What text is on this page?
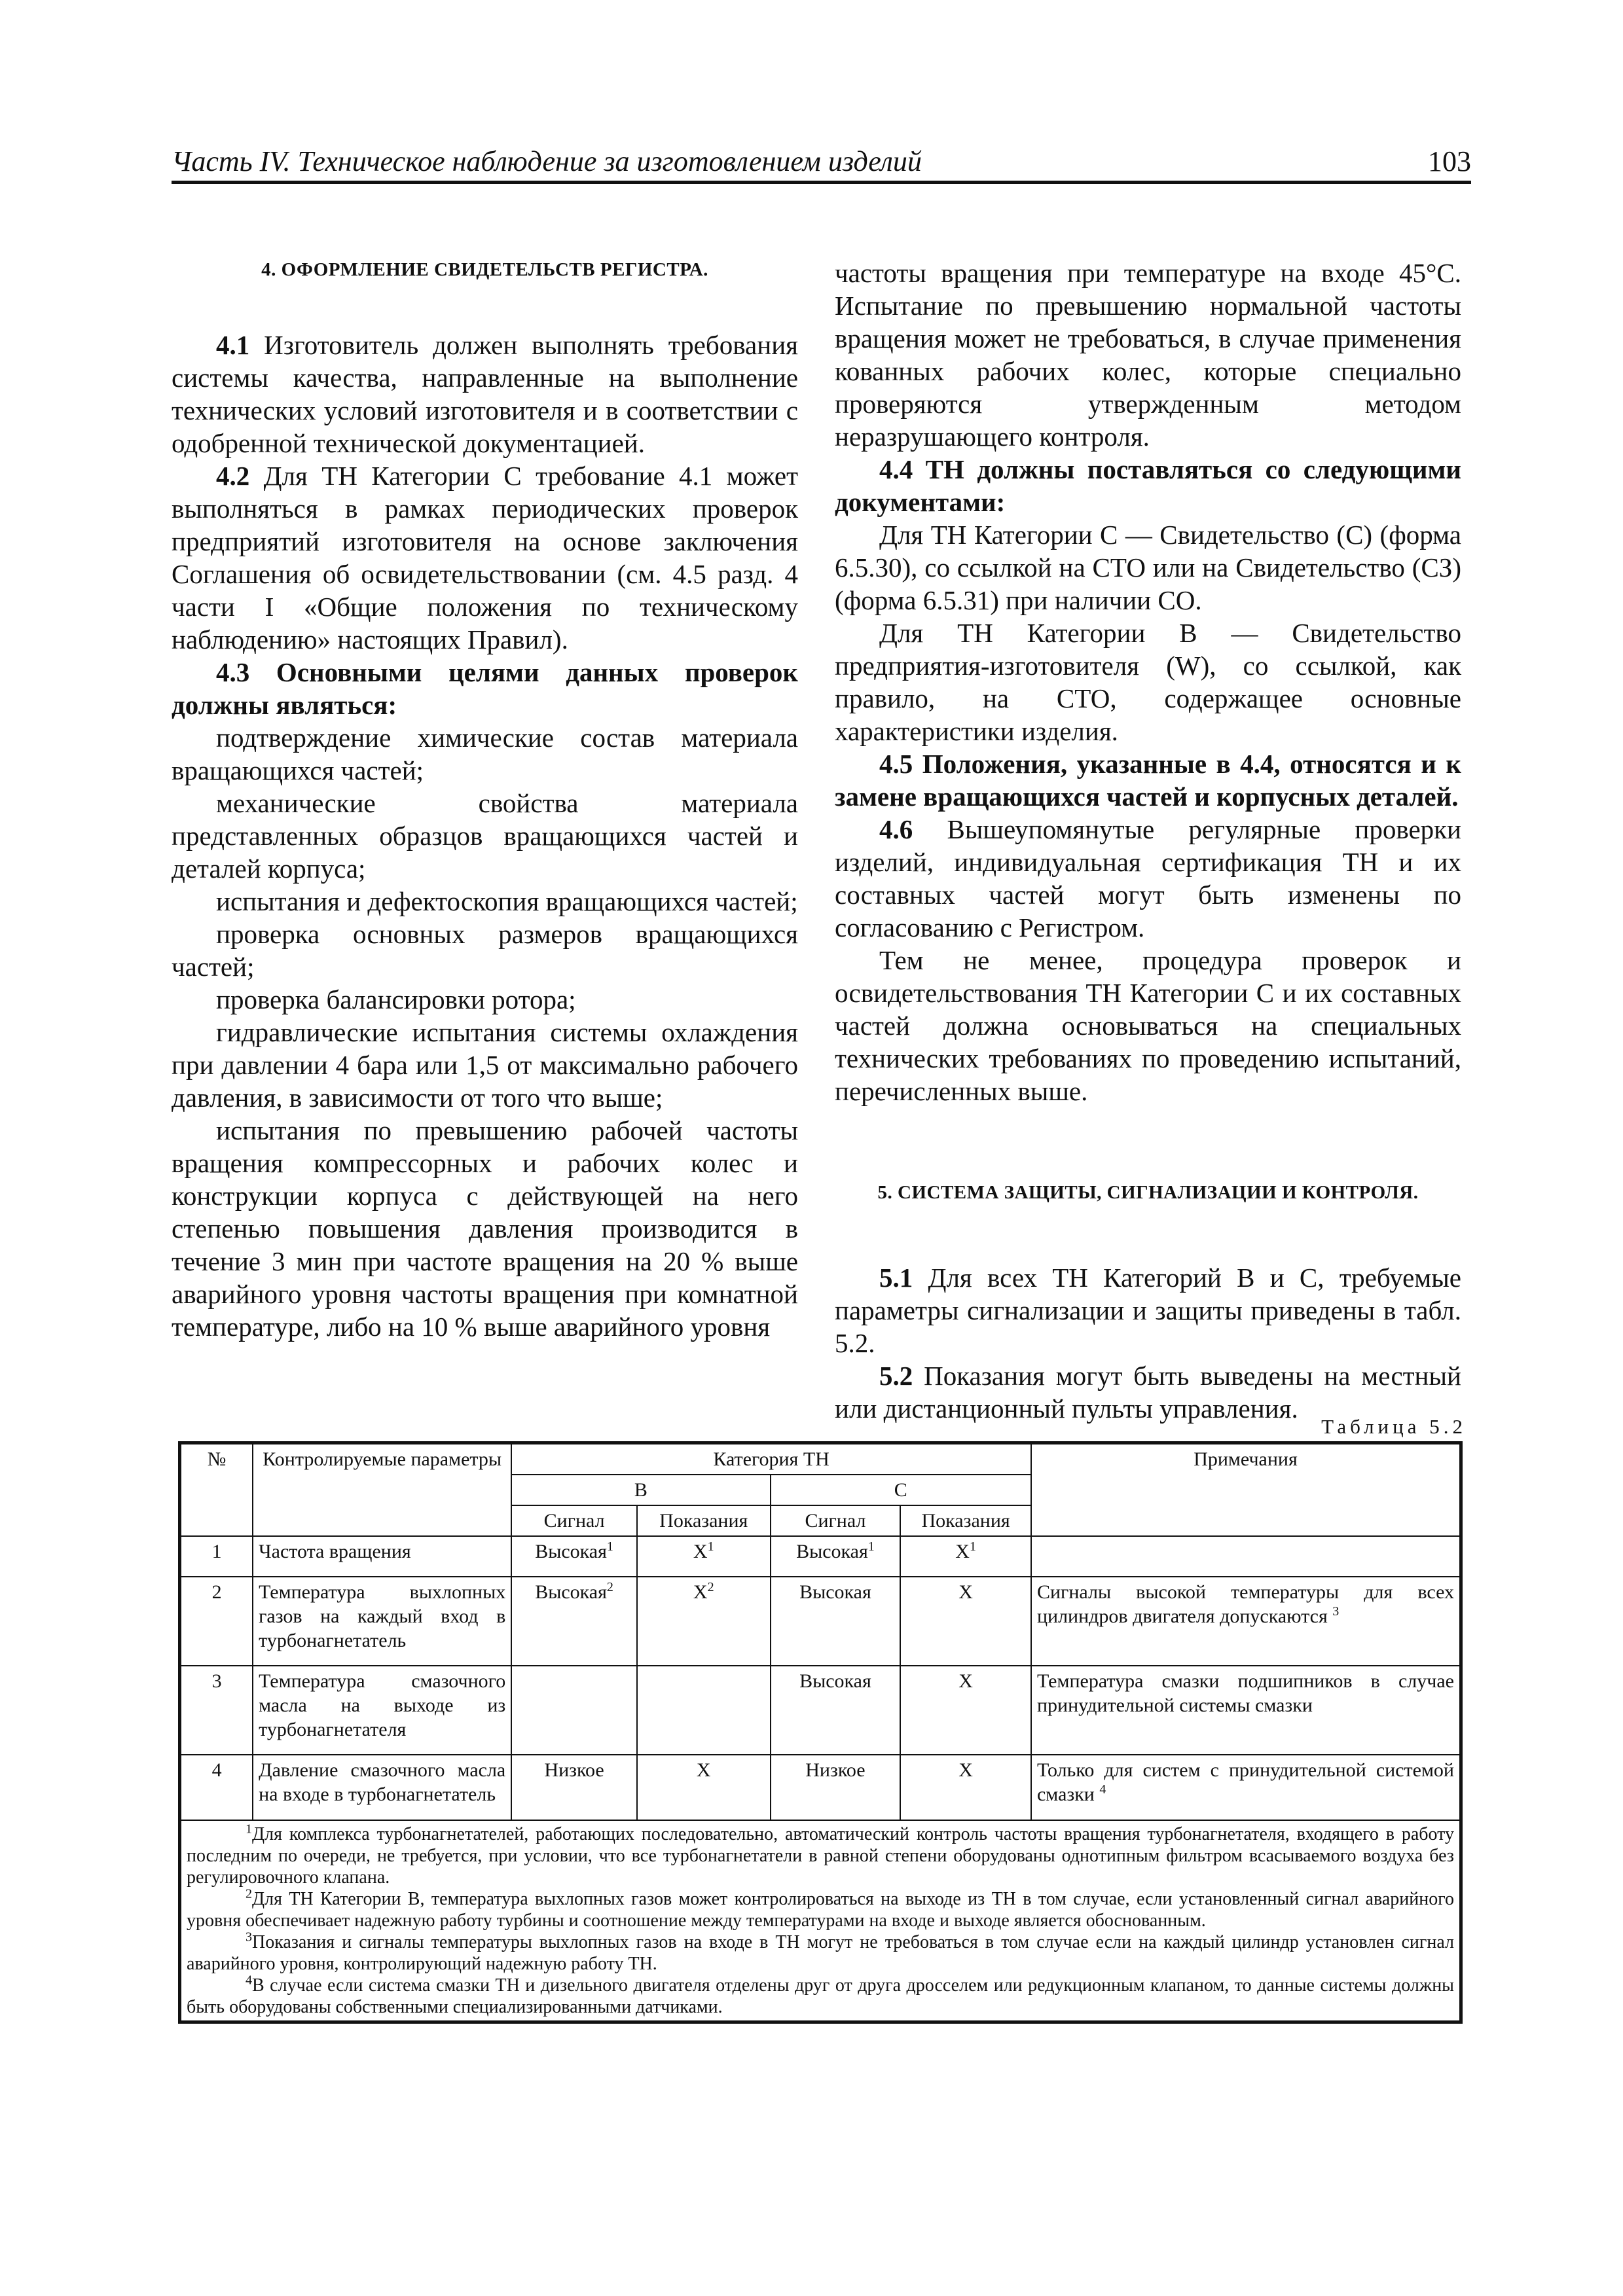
Часть IV. Техническое наблюдение за изготовлением изделий	103

4. ОФОРМЛЕНИЕ СВИДЕТЕЛЬСТВ РЕГИСТРА.

4.1 Изготовитель должен выполнять требования системы качества, направленные на выполнение технических условий изготовителя и в соответствии с одобренной технической документацией.

4.2 Для ТН Категории С требование 4.1 может выполняться в рамках периодических проверок предприятий изготовителя на основе заключения Соглашения об освидетельствовании (см. 4.5 разд. 4 части I «Общие положения по техническому наблюдению» настоящих Правил).

4.3 Основными целями данных проверок должны являться:

подтверждение химические состав материала вращающихся частей;

механические свойства материала представленных образцов вращающихся частей и деталей корпуса;

испытания и дефектоскопия вращающихся частей;

проверка основных размеров вращающихся частей;

проверка балансировки ротора;

гидравлические испытания системы охлаждения при давлении 4 бара или 1,5 от максимально рабочего давления, в зависимости от того что выше;

испытания по превышению рабочей частоты вращения компрессорных и рабочих колес и конструкции корпуса с действующей на него степенью повышения давления производится в течение 3 мин при частоте вращения на 20 % выше аварийного уровня частоты вращения при комнатной температуре, либо на 10 % выше аварийного уровня

частоты вращения при температуре на входе 45°C. Испытание по превышению нормальной частоты вращения может не требоваться, в случае применения кованных рабочих колес, которые специально проверяются утвержденным методом неразрушающего контроля.

4.4 ТН должны поставляться со следующими документами:

Для ТН Категории С — Свидетельство (С) (форма 6.5.30), со ссылкой на СТО или на Свидетельство (СЗ) (форма 6.5.31) при наличии СО.

Для ТН Категории В — Свидетельство предприятия-изготовителя (W), со ссылкой, как правило, на СТО, содержащее основные характеристики изделия.

4.5 Положения, указанные в 4.4, относятся и к замене вращающихся частей и корпусных деталей.

4.6 Вышеупомянутые регулярные проверки изделий, индивидуальная сертификация ТН и их составных частей могут быть изменены по согласованию с Регистром.

Тем не менее, процедура проверок и освидетельствования ТН Категории С и их составных частей должна основываться на специальных технических требованиях по проведению испытаний, перечисленных выше.

5. СИСТЕМА ЗАЩИТЫ, СИГНАЛИЗАЦИИ И КОНТРОЛЯ.

5.1 Для всех ТН Категорий В и С, требуемые параметры сигнализации и защиты приведены в табл. 5.2.

5.2 Показания могут быть выведены на местный или дистанционный пульты управления.

Таблица 5.2
№	Контролируемые параметры	Категория ТН				Примечания
		В		С		
		Сигнал	Показания	Сигнал	Показания	
1	Частота вращения	Высокая$^1$	$X^1$	Высокая$^1$	$X^1$	
2	Температура выхлопных газов на каждый вход в турбонагнетатель	Высокая$^2$	$X^2$	Высокая	X	Сигналы высокой температуры для всех цилиндров двигателя допускаются $^3$
3	Температура смазочного масла на выходе из турбонагнетателя			Высокая	X	Температура смазки подшипников в случае принудительной системы смазки
4	Давление смазочного масла на входе в турбонагнетатель	Низкое	X	Низкое	X	Только для систем с принудительной системой смазки $^4$

$^1$Для комплекса турбонагнетателей, работающих последовательно, автоматический контроль частоты вращения турбонагнетателя, входящего в работу последним по очереди, не требуется, при условии, что все турбонагнетатели в равной степени оборудованы однотипным фильтром всасываемого воздуха без регулировочного клапана.

$^2$Для ТН Категории В, температура выхлопных газов может контролироваться на выходе из ТН в том случае, если установленный сигнал аварийного уровня обеспечивает надежную работу турбины и соотношение между температурами на входе и выходе является обоснованным.

$^3$Показания и сигналы температуры выхлопных газов на входе в ТН могут не требоваться в том случае если на каждый цилиндр установлен сигнал аварийного уровня, контролирующий надежную работу ТН.

$^4$В случае если система смазки ТН и дизельного двигателя отделены друг от друга дросселем или редукционным клапаном, то данные системы должны быть оборудованы собственными специализированными датчиками.						
